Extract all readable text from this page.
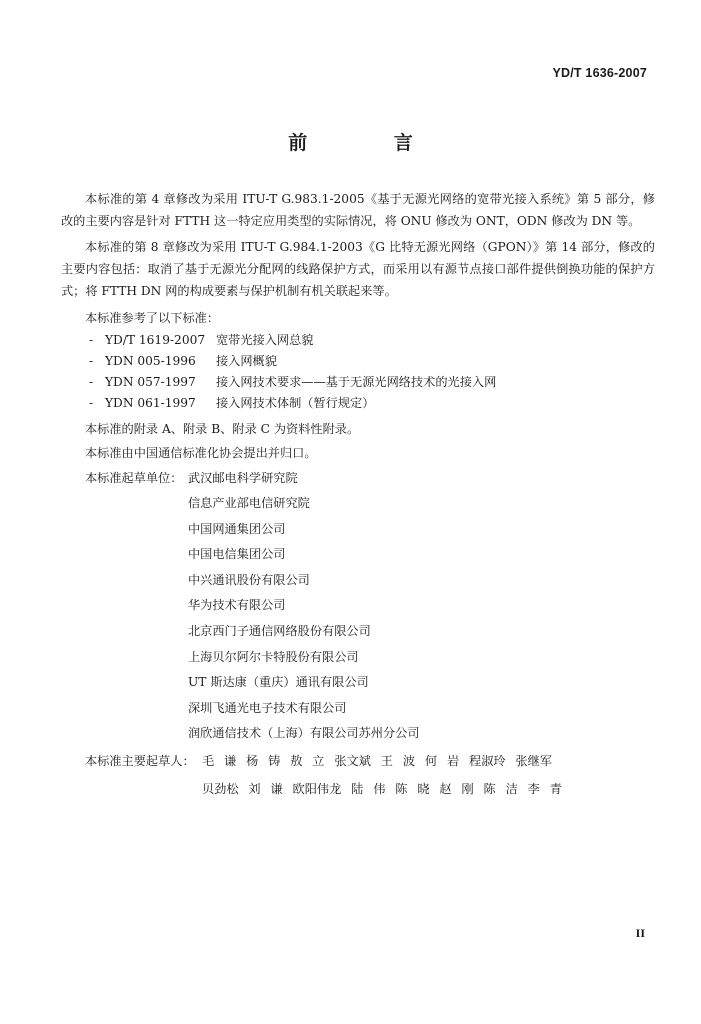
YD/T 1636-2007
前 言

本标准的第 4 章修改为采用 ITU-T G.983.1-2005《基于无源光网络的宽带光接入系统》第 5 部分，修改的主要内容是针对 FTTH 这一特定应用类型的实际情况，将 ONU 修改为 ONT，ODN 修改为 DN 等。

本标准的第 8 章修改为采用 ITU-T G.984.1-2003《G 比特无源光网络（GPON）》第 14 部分，修改的主要内容包括：取消了基于无源光分配网的线路保护方式，而采用以有源节点接口部件提供倒换功能的保护方式；将 FTTH DN 网的构成要素与保护机制有机关联起来等。

本标准参考了以下标准：

- YD/T 1619-2007 宽带光接入网总貌
- YDN 005-1996 接入网概貌
- YDN 057-1997 接入网技术要求——基于无源光网络技术的光接入网
- YDN 061-1997 接入网技术体制（暂行规定）

本标准的附录 A、附录 B、附录 C 为资料性附录。

本标准由中国通信标准化协会提出并归口。

本标准起草单位： 武汉邮电科学研究院
信息产业部电信研究院
中国网通集团公司
中国电信集团公司
中兴通讯股份有限公司
华为技术有限公司
北京西门子通信网络股份有限公司
上海贝尔阿尔卡特股份有限公司
UT 斯达康（重庆）通讯有限公司
深圳飞通光电子技术有限公司
润欣通信技术（上海）有限公司苏州分公司
本标准主要起草人： 毛 谦 杨 铸 敖 立 张文斌 王 波 何 岩 程淑玲 张继军
贝劲松 刘 谦 欧阳伟龙 陆 伟 陈 晓 赵 刚 陈 洁 李 青
II
